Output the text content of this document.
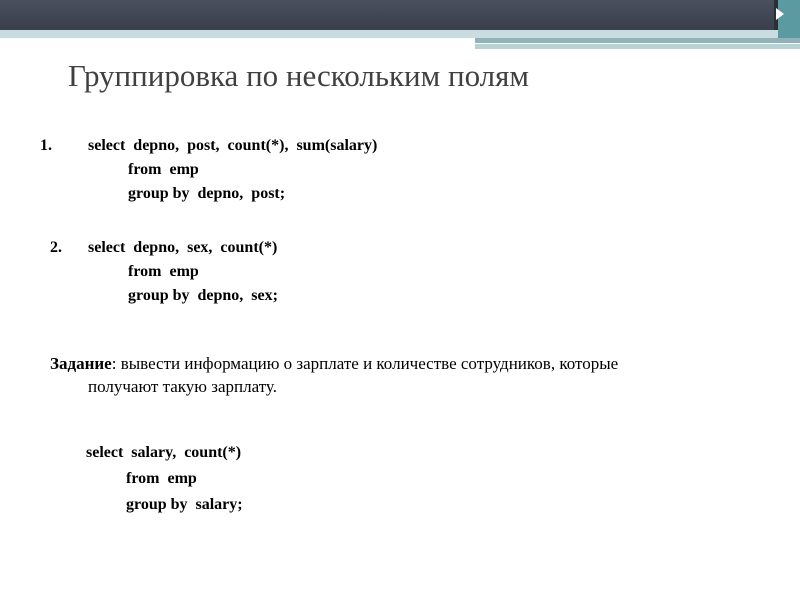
Группировка по нескольким полям
1. select  depno,  post,  count(*),  sum(salary)
from  emp
group by  depno,  post;
2. select  depno,  sex,  count(*)
from  emp
group by  depno,  sex;
Задание: вывести информацию о зарплате и количестве сотрудников, которые
получают такую зарплату.
select  salary,  count(*)
from  emp
group by  salary;
